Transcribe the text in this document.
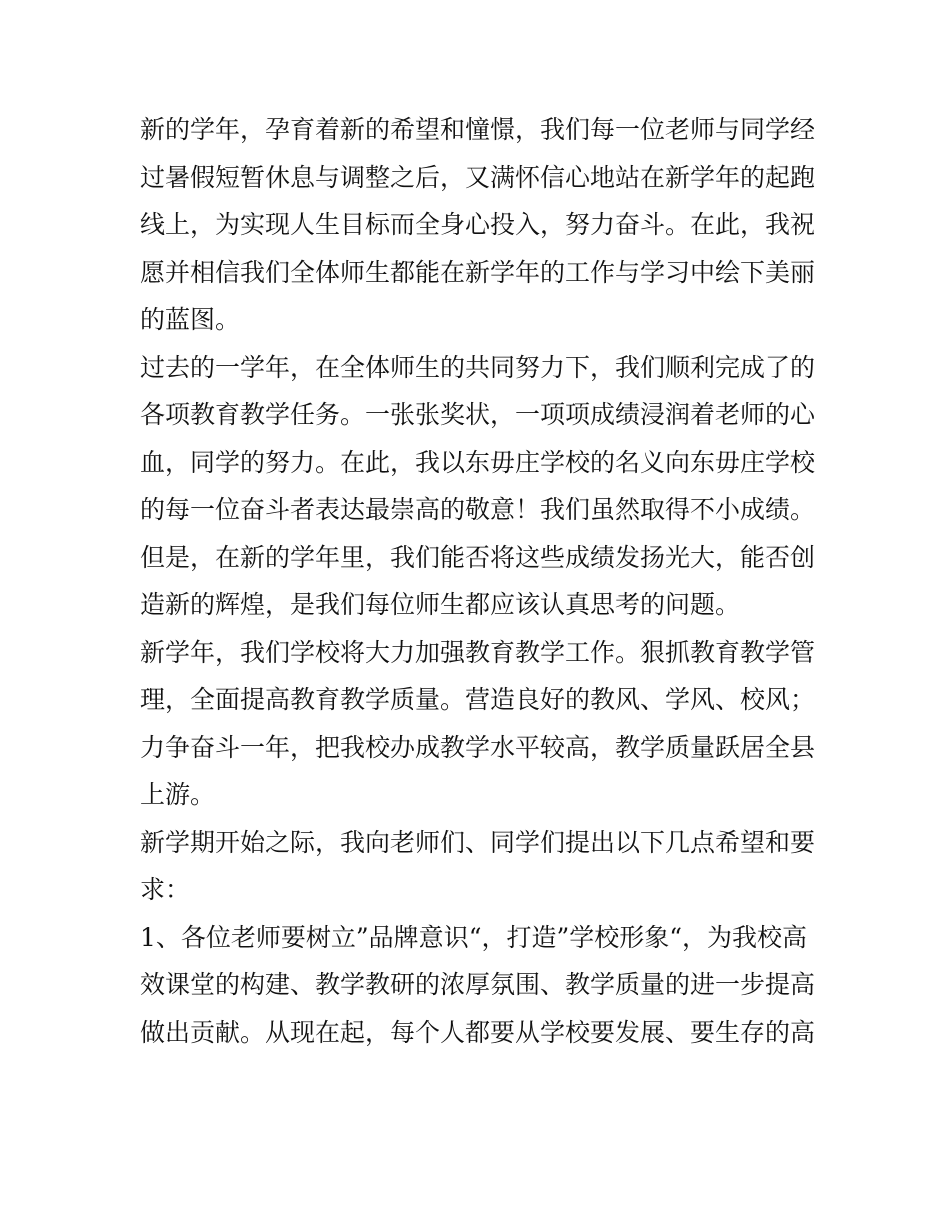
新的学年，孕育着新的希望和憧憬，我们每一位老师与同学经
过暑假短暂休息与调整之后，又满怀信心地站在新学年的起跑
线上，为实现人生目标而全身心投入，努力奋斗。在此，我祝
愿并相信我们全体师生都能在新学年的工作与学习中绘下美丽
的蓝图。
过去的一学年，在全体师生的共同努力下，我们顺利完成了的
各项教育教学任务。一张张奖状，一项项成绩浸润着老师的心
血，同学的努力。在此，我以东毋庄学校的名义向东毋庄学校
的每一位奋斗者表达最崇高的敬意！我们虽然取得不小成绩。
但是，在新的学年里，我们能否将这些成绩发扬光大，能否创
造新的辉煌，是我们每位师生都应该认真思考的问题。
新学年，我们学校将大力加强教育教学工作。狠抓教育教学管
理，全面提高教育教学质量。营造良好的教风、学风、校风；
力争奋斗一年，把我校办成教学水平较高，教学质量跃居全县
上游。
新学期开始之际，我向老师们、同学们提出以下几点希望和要
求：
1、各位老师要树立”品牌意识“，打造”学校形象“，为我校高
效课堂的构建、教学教研的浓厚氛围、教学质量的进一步提高
做出贡献。从现在起，每个人都要从学校要发展、要生存的高
